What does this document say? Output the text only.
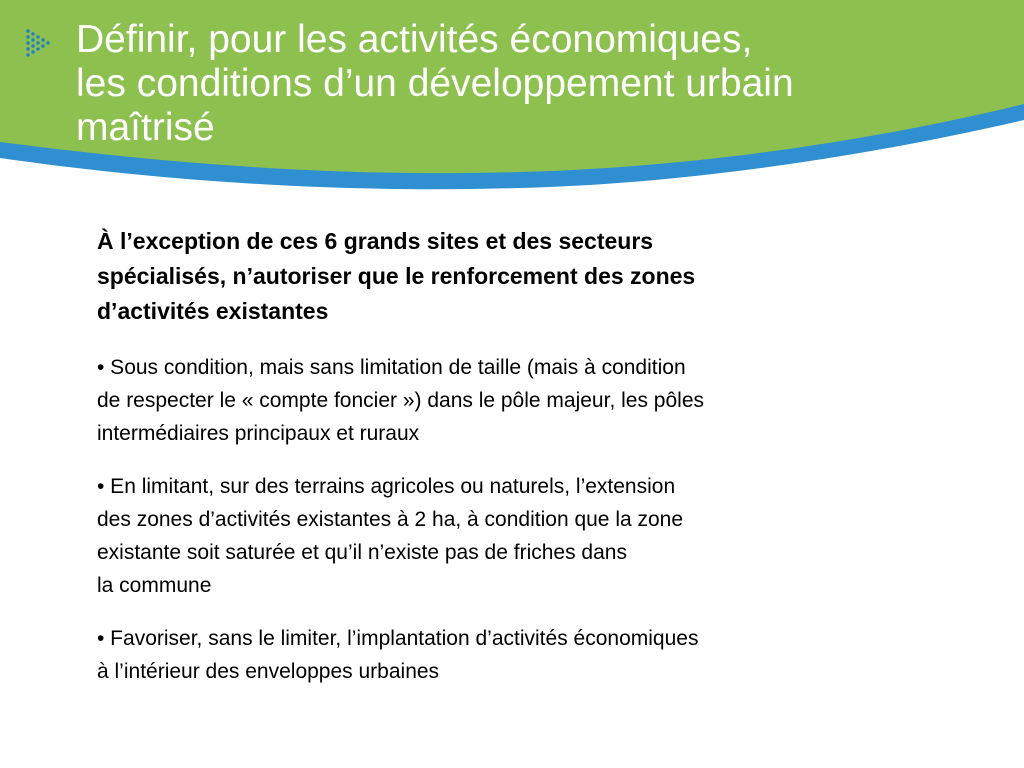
Définir, pour les activités économiques,
les conditions d’un développement urbain
maîtrisé

À l’exception de ces 6 grands sites et des secteurs
spécialisés, n’autoriser que le renforcement des zones
d’activités existantes

• Sous condition, mais sans limitation de taille (mais à condition
de respecter le « compte foncier ») dans le pôle majeur, les pôles
intermédiaires principaux et ruraux

• En limitant, sur des terrains agricoles ou naturels, l’extension
des zones d’activités existantes à 2 ha, à condition que la zone
existante soit saturée et qu’il n’existe pas de friches dans
la commune

• Favoriser, sans le limiter, l’implantation d’activités économiques
à l’intérieur des enveloppes urbaines
